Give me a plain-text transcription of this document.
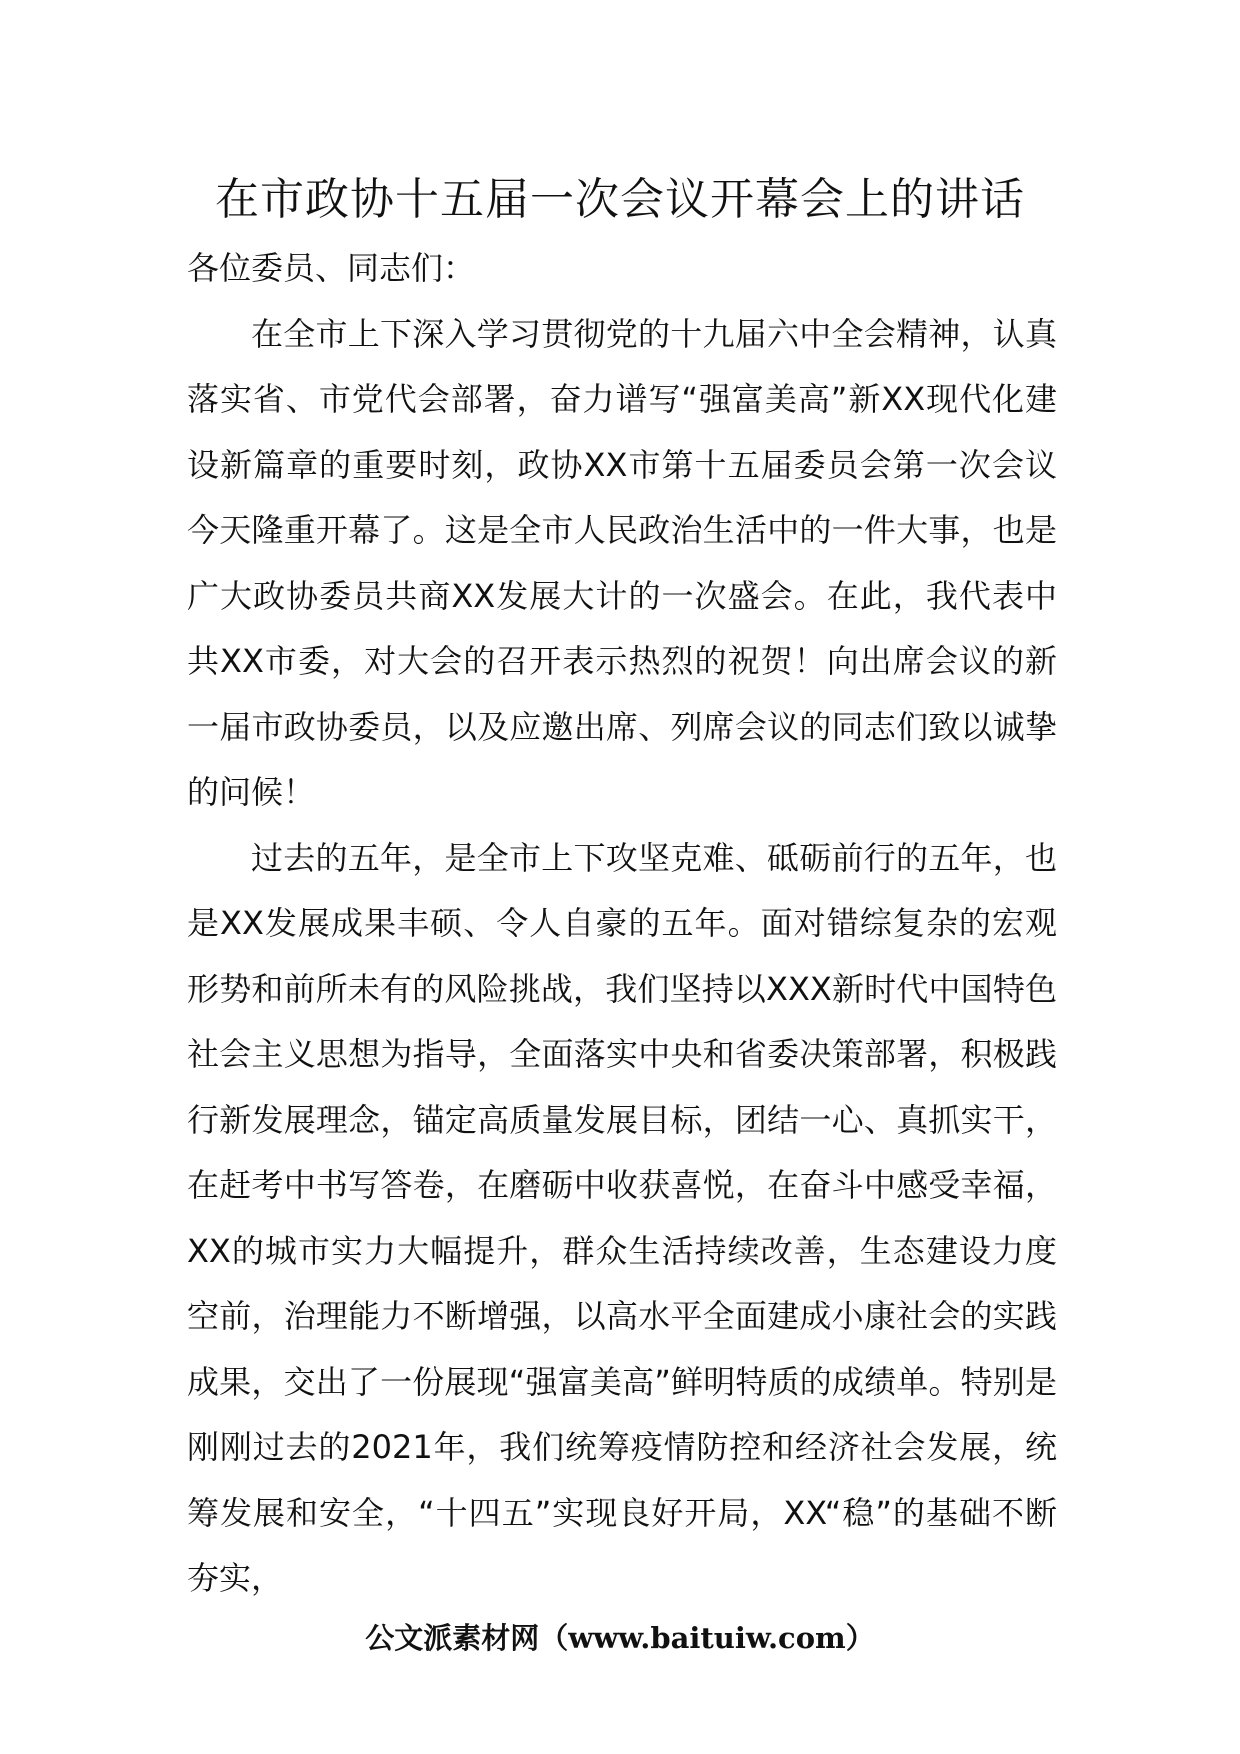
在市政协十五届一次会议开幕会上的讲话

各位委员、同志们：

在全市上下深入学习贯彻党的十九届六中全会精神，认真落实省、市党代会部署，奋力谱写“强富美高”新XX现代化建设新篇章的重要时刻，政协XX市第十五届委员会第一次会议今天隆重开幕了。这是全市人民政治生活中的一件大事，也是广大政协委员共商XX发展大计的一次盛会。在此，我代表中共XX市委，对大会的召开表示热烈的祝贺！向出席会议的新一届市政协委员，以及应邀出席、列席会议的同志们致以诚挚的问候！

过去的五年，是全市上下攻坚克难、砥砺前行的五年，也是XX发展成果丰硕、令人自豪的五年。面对错综复杂的宏观形势和前所未有的风险挑战，我们坚持以XXX新时代中国特色社会主义思想为指导，全面落实中央和省委决策部署，积极践行新发展理念，锚定高质量发展目标，团结一心、真抓实干，在赶考中书写答卷，在磨砺中收获喜悦，在奋斗中感受幸福，XX的城市实力大幅提升，群众生活持续改善，生态建设力度空前，治理能力不断增强，以高水平全面建成小康社会的实践成果，交出了一份展现“强富美高”鲜明特质的成绩单。特别是刚刚过去的2021年，我们统筹疫情防控和经济社会发展，统筹发展和安全，“十四五”实现良好开局，XX“稳”的基础不断夯实，

公文派素材网（www.baituiw.com）
